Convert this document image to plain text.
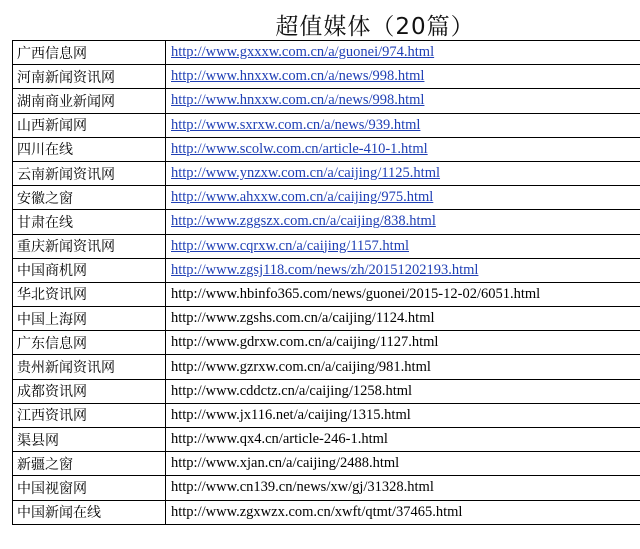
超值媒体（20篇）
广西信息网	http://www.gxxxw.com.cn/a/guonei/974.html
河南新闻资讯网	http://www.hnxxw.com.cn/a/news/998.html
湖南商业新闻网	http://www.hnxxw.com.cn/a/news/998.html
山西新闻网	http://www.sxrxw.com.cn/a/news/939.html
四川在线	http://www.scolw.com.cn/article-410-1.html
云南新闻资讯网	http://www.ynzxw.com.cn/a/caijing/1125.html
安徽之窗	http://www.ahxxw.com.cn/a/caijing/975.html
甘肃在线	http://www.zggszx.com.cn/a/caijing/838.html
重庆新闻资讯网	http://www.cqrxw.cn/a/caijing/1157.html
中国商机网	http://www.zgsj118.com/news/zh/20151202193.html
华北资讯网	http://www.hbinfo365.com/news/guonei/2015-12-02/6051.html
中国上海网	http://www.zgshs.com.cn/a/caijing/1124.html
广东信息网	http://www.gdrxw.com.cn/a/caijing/1127.html
贵州新闻资讯网	http://www.gzrxw.com.cn/a/caijing/981.html
成都资讯网	http://www.cddctz.cn/a/caijing/1258.html
江西资讯网	http://www.jx116.net/a/caijing/1315.html
渠县网	http://www.qx4.cn/article-246-1.html
新疆之窗	http://www.xjan.cn/a/caijing/2488.html
中国视窗网	http://www.cn139.cn/news/xw/gj/31328.html
中国新闻在线	http://www.zgxwzx.com.cn/xwft/qtmt/37465.html
